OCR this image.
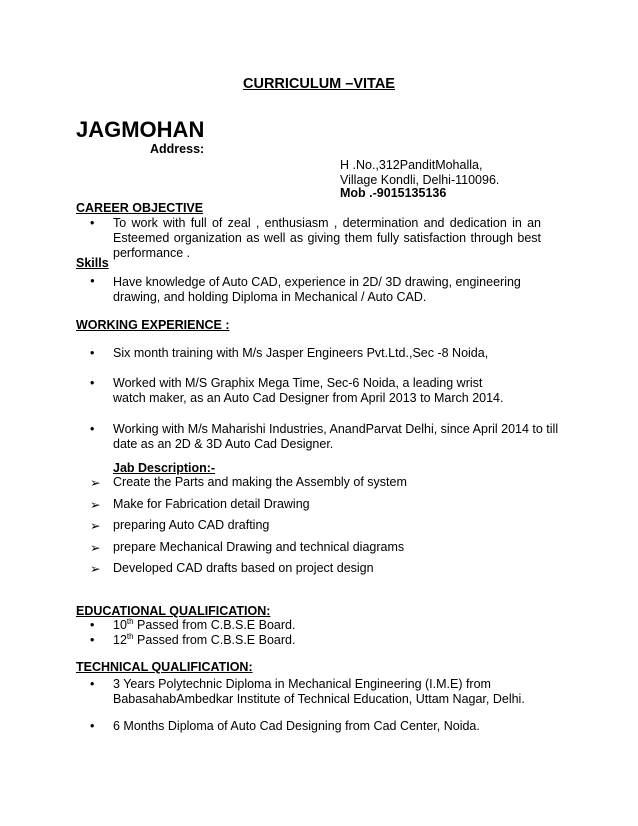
CURRICULUM –VITAE
JAGMOHAN
Address:
H .No.,312PanditMohalla,
Village Kondli, Delhi-110096.
Mob .-9015135136
CAREER OBJECTIVE
•
To work with full of zeal , enthusiasm , determination and dedication in an Esteemed organization as well as giving them fully satisfaction through best performance .
Skills
●
Have knowledge of Auto CAD, experience in 2D/ 3D drawing, engineering drawing, and holding Diploma in Mechanical / Auto CAD.
WORKING EXPERIENCE :
•
Six month training with M/s Jasper Engineers Pvt.Ltd.,Sec -8 Noida,
•
Worked with M/S Graphix Mega Time, Sec-6 Noida, a leading wrist watch maker, as an Auto Cad Designer from April 2013 to March 2014.
•
Working with M/s Maharishi Industries, AnandParvat Delhi, since April 2014 to till date as an 2D & 3D Auto Cad Designer.
Jab Description:-
➢
Create the Parts and making the Assembly of system
➢
Make for Fabrication detail Drawing
➢
preparing Auto CAD drafting
➢
prepare Mechanical Drawing and technical diagrams
➢
Developed CAD drafts based on project design
EDUCATIONAL QUALIFICATION:
•
10th Passed from C.B.S.E Board.
•
12th Passed from C.B.S.E Board.
TECHNICAL QUALIFICATION:
•
3 Years Polytechnic Diploma in Mechanical Engineering (I.M.E) from BabasahabAmbedkar Institute of Technical Education, Uttam Nagar, Delhi.
•
6 Months Diploma of Auto Cad Designing from Cad Center, Noida.
